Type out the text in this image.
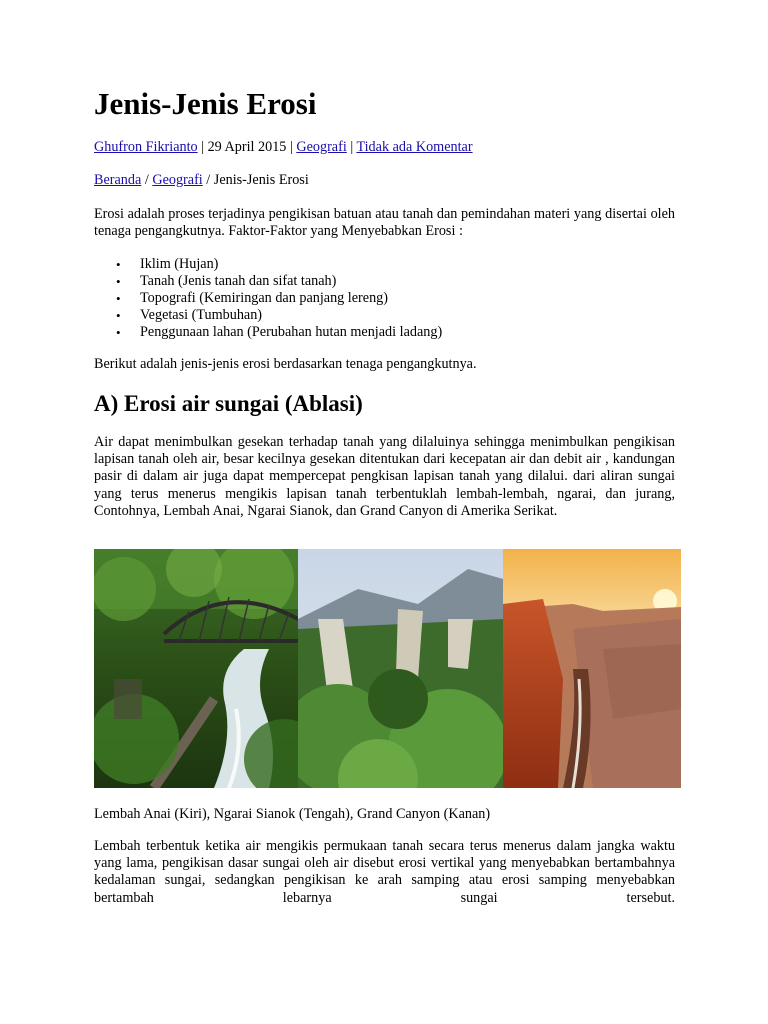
Jenis-Jenis Erosi
Ghufron Fikrianto | 29 April 2015 | Geografi | Tidak ada Komentar
Beranda / Geografi / Jenis-Jenis Erosi

Erosi adalah proses terjadinya pengikisan batuan atau tanah dan pemindahan materi yang disertai oleh tenaga pengangkutnya. Faktor-Faktor yang Menyebabkan Erosi :

• Iklim (Hujan)
• Tanah (Jenis tanah dan sifat tanah)
• Topografi (Kemiringan dan panjang lereng)
• Vegetasi (Tumbuhan)
• Penggunaan lahan (Perubahan hutan menjadi ladang)

Berikut adalah jenis-jenis erosi berdasarkan tenaga pengangkutnya.

A) Erosi air sungai (Ablasi)

Air dapat menimbulkan gesekan terhadap tanah yang dilaluinya sehingga menimbulkan pengikisan lapisan tanah oleh air, besar kecilnya gesekan ditentukan dari kecepatan air dan debit air , kandungan pasir di dalam air juga dapat mempercepat pengkisan lapisan tanah yang dilalui. dari aliran sungai yang terus menerus mengikis lapisan tanah terbentuklah lembah-lembah, ngarai, dan jurang, Contohnya, Lembah Anai, Ngarai Sianok, dan Grand Canyon di Amerika Serikat.

Lembah Anai (Kiri), Ngarai Sianok (Tengah), Grand Canyon (Kanan)

Lembah terbentuk ketika air mengikis permukaan tanah secara terus menerus dalam jangka waktu yang lama, pengikisan dasar sungai oleh air disebut erosi vertikal yang menyebabkan bertambahnya kedalaman sungai, sedangkan pengikisan ke arah samping atau erosi samping menyebabkan bertambah lebarnya sungai tersebut.
